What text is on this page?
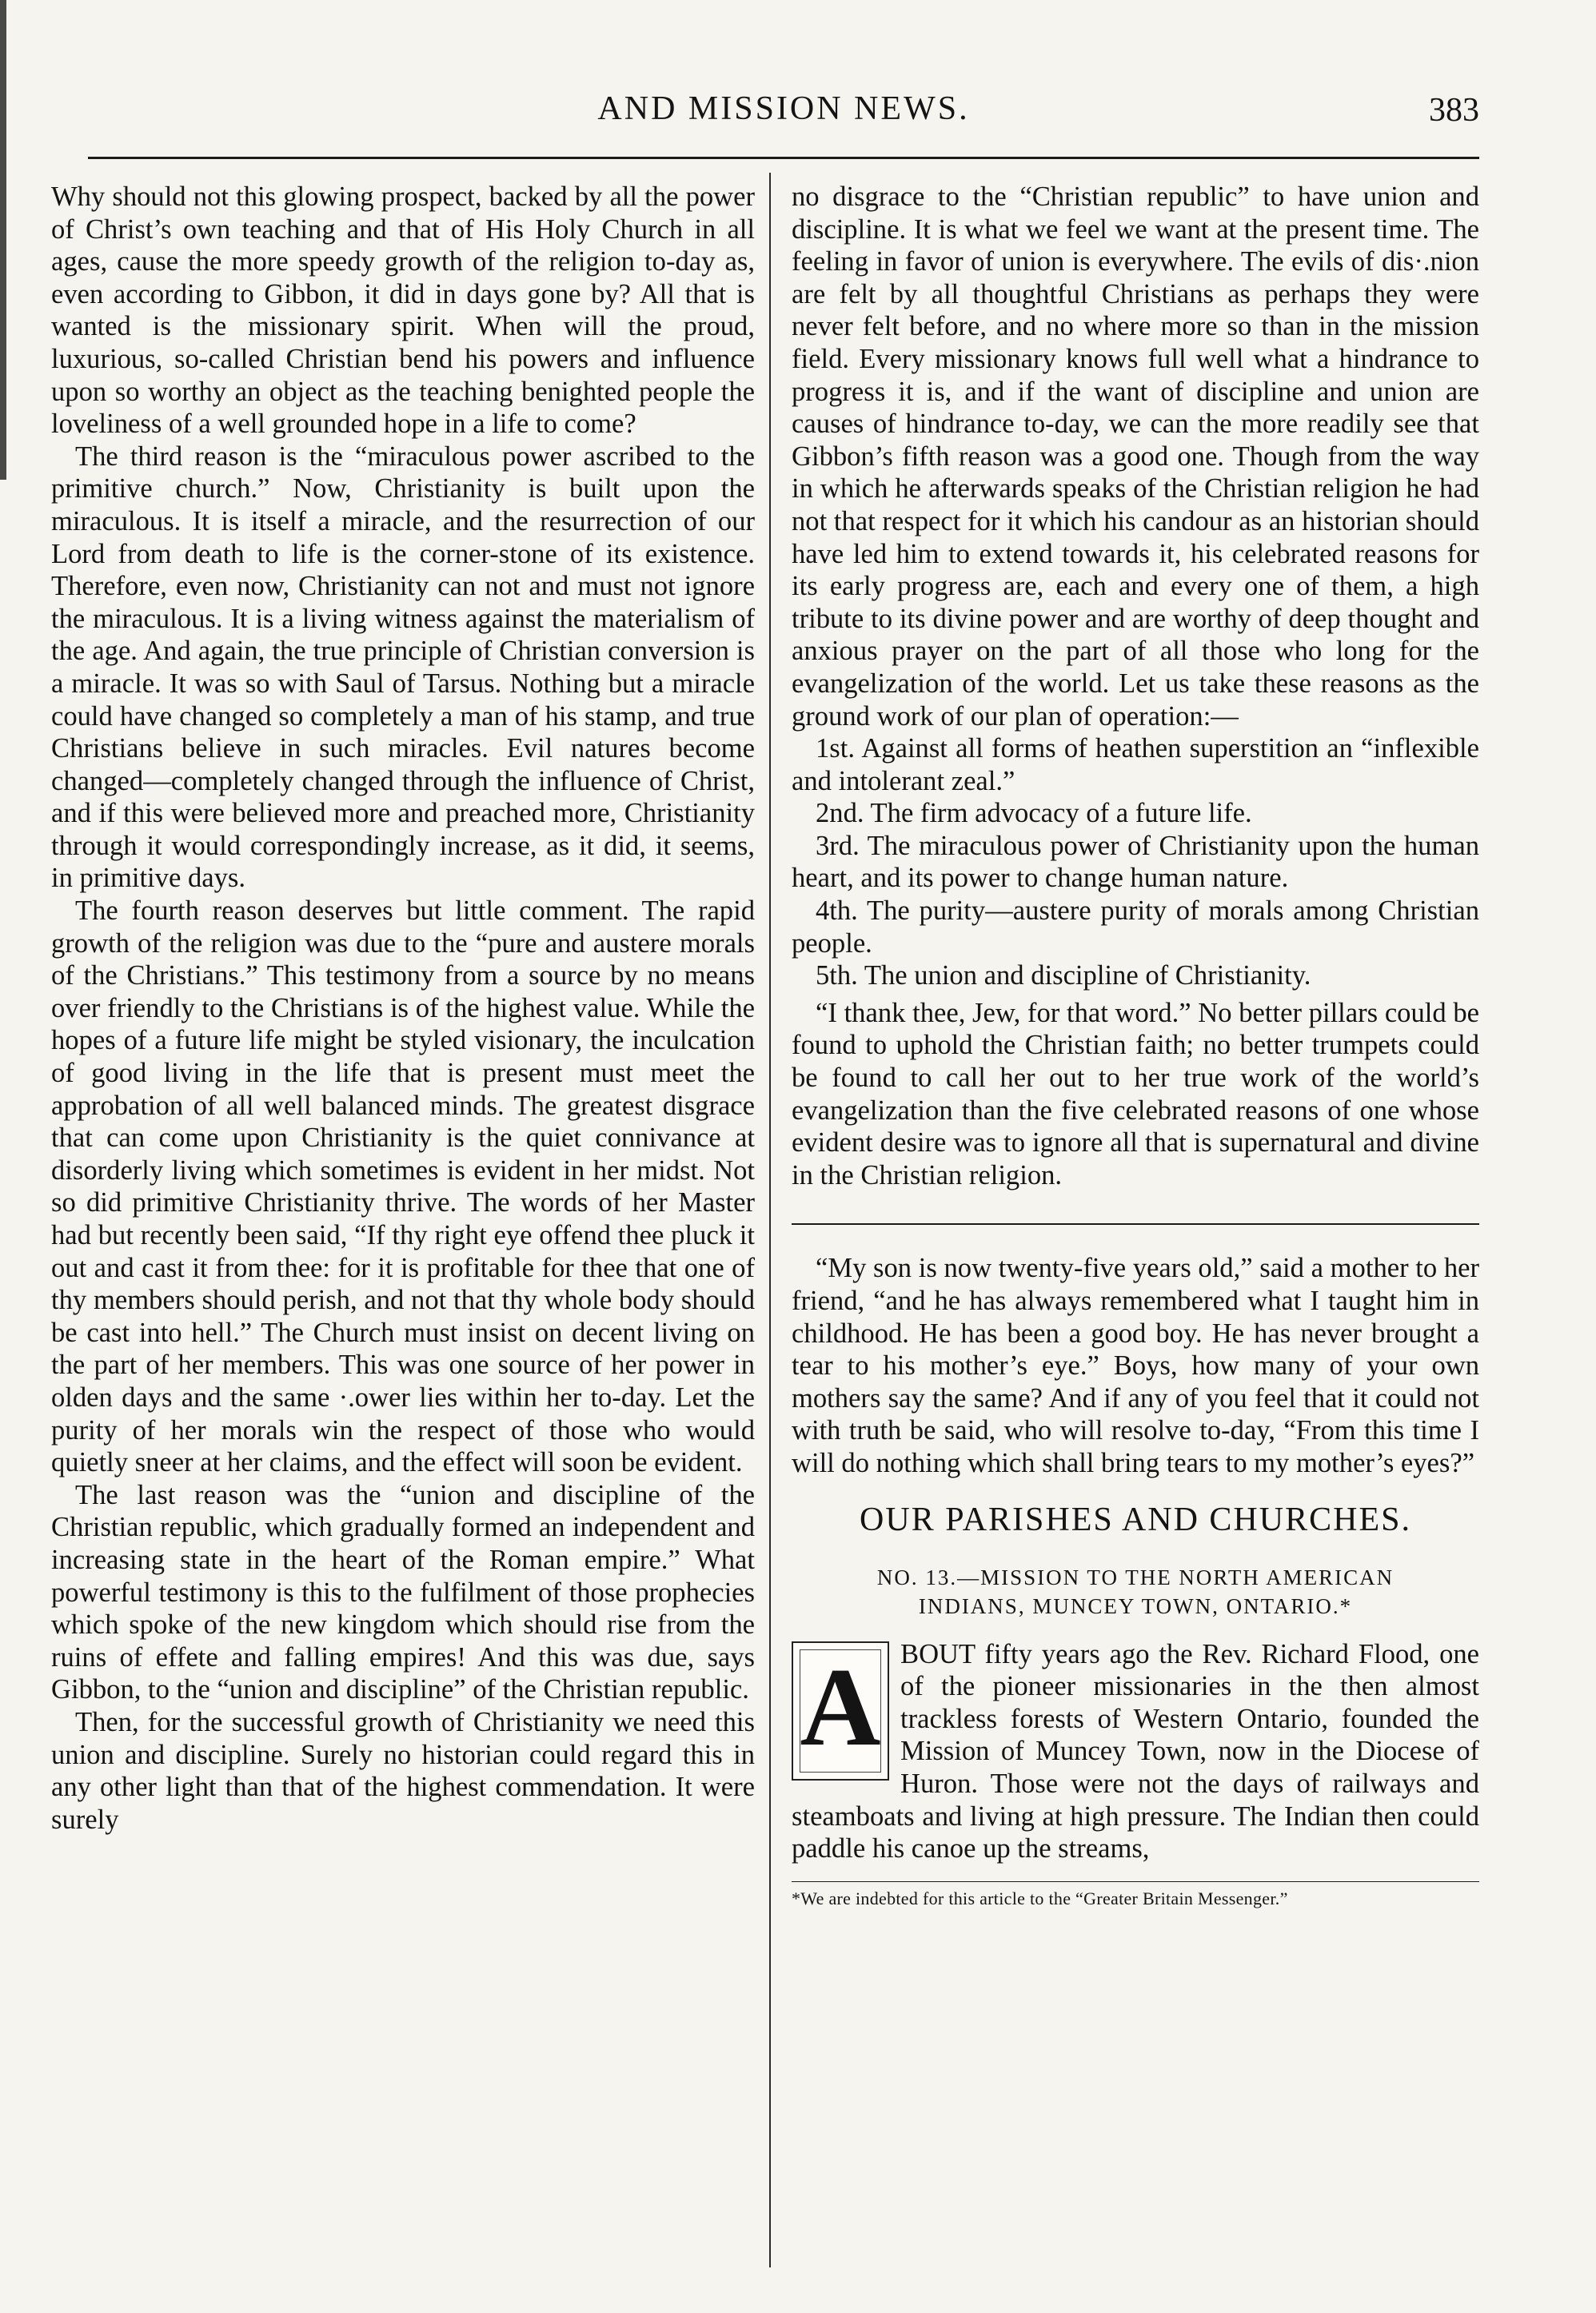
AND MISSION NEWS.	383

Why should not this glowing prospect, backed by all the power of Christ’s own teaching and that of His Holy Church in all ages, cause the more speedy growth of the religion to-day as, even according to Gibbon, it did in days gone by? All that is wanted is the missionary spirit. When will the proud, luxurious, so-called Christian bend his powers and influence upon so worthy an object as the teaching benighted people the loveliness of a well grounded hope in a life to come?

The third reason is the “miraculous power ascribed to the primitive church.” Now, Christianity is built upon the miraculous. It is itself a miracle, and the resurrection of our Lord from death to life is the corner-stone of its existence. Therefore, even now, Christianity can not and must not ignore the miraculous. It is a living witness against the materialism of the age. And again, the true principle of Christian conversion is a miracle. It was so with Saul of Tarsus. Nothing but a miracle could have changed so completely a man of his stamp, and true Christians believe in such miracles. Evil natures become changed—completely changed through the influence of Christ, and if this were believed more and preached more, Christianity through it would correspondingly increase, as it did, it seems, in primitive days.

The fourth reason deserves but little comment. The rapid growth of the religion was due to the “pure and austere morals of the Christians.” This testimony from a source by no means over friendly to the Christians is of the highest value. While the hopes of a future life might be styled visionary, the inculcation of good living in the life that is present must meet the approbation of all well balanced minds. The greatest disgrace that can come upon Christianity is the quiet connivance at disorderly living which sometimes is evident in her midst. Not so did primitive Christianity thrive. The words of her Master had but recently been said, “If thy right eye offend thee pluck it out and cast it from thee: for it is profitable for thee that one of thy members should perish, and not that thy whole body should be cast into hell.” The Church must insist on decent living on the part of her members. This was one source of her power in olden days and the same ·.ower lies within her to-day. Let the purity of her morals win the respect of those who would quietly sneer at her claims, and the effect will soon be evident.

The last reason was the “union and discipline of the Christian republic, which gradually formed an independent and increasing state in the heart of the Roman empire.” What powerful testimony is this to the fulfilment of those prophecies which spoke of the new kingdom which should rise from the ruins of effete and falling empires! And this was due, says Gibbon, to the “union and discipline” of the Christian republic.

Then, for the successful growth of Christianity we need this union and discipline. Surely no historian could regard this in any other light than that of the highest commendation. It were surely

no disgrace to the “Christian republic” to have union and discipline. It is what we feel we want at the present time. The feeling in favor of union is everywhere. The evils of dis·.nion are felt by all thoughtful Christians as perhaps they were never felt before, and no where more so than in the mission field. Every missionary knows full well what a hindrance to progress it is, and if the want of discipline and union are causes of hindrance to-day, we can the more readily see that Gibbon’s fifth reason was a good one. Though from the way in which he afterwards speaks of the Christian religion he had not that respect for it which his candour as an historian should have led him to extend towards it, his celebrated reasons for its early progress are, each and every one of them, a high tribute to its divine power and are worthy of deep thought and anxious prayer on the part of all those who long for the evangelization of the world. Let us take these reasons as the ground work of our plan of operation:—

1st. Against all forms of heathen superstition an “inflexible and intolerant zeal.”

2nd. The firm advocacy of a future life.

3rd. The miraculous power of Christianity upon the human heart, and its power to change human nature.

4th. The purity—austere purity of morals among Christian people.

5th. The union and discipline of Christianity.

“I thank thee, Jew, for that word.” No better pillars could be found to uphold the Christian faith; no better trumpets could be found to call her out to her true work of the world’s evangelization than the five celebrated reasons of one whose evident desire was to ignore all that is supernatural and divine in the Christian religion.

“My son is now twenty-five years old,” said a mother to her friend, “and he has always remembered what I taught him in childhood. He has been a good boy. He has never brought a tear to his mother’s eye.” Boys, how many of your own mothers say the same? And if any of you feel that it could not with truth be said, who will resolve to-day, “From this time I will do nothing which shall bring tears to my mother’s eyes?”

OUR PARISHES AND CHURCHES.
NO. 13.—MISSION TO THE NORTH AMERICAN
INDIANS, MUNCEY TOWN, ONTARIO.*
A BOUT fifty years ago the Rev. Richard Flood, one of the pioneer missionaries in the then almost trackless forests of Western Ontario, founded the Mission of Muncey Town, now in the Diocese of Huron. Those were not the days of railways and steamboats and living at high pressure. The Indian then could paddle his canoe up the streams,

*We are indebted for this article to the “Greater Britain Messenger.”
